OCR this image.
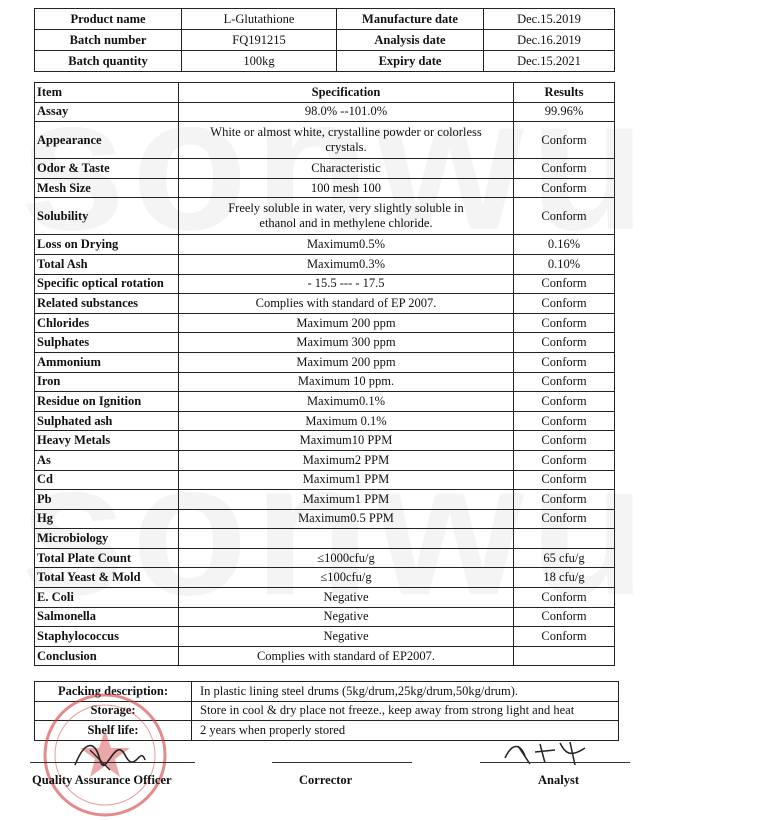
Product name	L-Glutathione	Manufacture date	Dec.15.2019
Batch number	FQ191215	Analysis date	Dec.16.2019
Batch quantity	100kg	Expiry date	Dec.15.2021
Item	Specification	Results
Assay	98.0% --101.0%	99.96%
Appearance	White or almost white, crystalline powder or colorless crystals.	Conform
Odor & Taste	Characteristic	Conform
Mesh Size	100 mesh 100	Conform
Solubility	Freely soluble in water, very slightly soluble in ethanol and in methylene chloride.	Conform
Loss on Drying	Maximum0.5%	0.16%
Total Ash	Maximum0.3%	0.10%
Specific optical rotation	- 15.5 --- - 17.5	Conform
Related substances	Complies with standard of EP 2007.	Conform
Chlorides	Maximum 200 ppm	Conform
Sulphates	Maximum 300 ppm	Conform
Ammonium	Maximum 200 ppm	Conform
Iron	Maximum 10 ppm.	Conform
Residue on Ignition	Maximum0.1%	Conform
Sulphated ash	Maximum 0.1%	Conform
Heavy Metals	Maximum10 PPM	Conform
As	Maximum2 PPM	Conform
Cd	Maximum1 PPM	Conform
Pb	Maximum1 PPM	Conform
Hg	Maximum0.5 PPM	Conform
Microbiology		
Total Plate Count	≤1000cfu/g	65 cfu/g
Total Yeast & Mold	≤100cfu/g	18 cfu/g
E. Coli	Negative	Conform
Salmonella	Negative	Conform
Staphylococcus	Negative	Conform
Conclusion	Complies with standard of EP2007.	
Packing description:	In plastic lining steel drums (5kg/drum,25kg/drum,50kg/drum).
Storage:	Store in cool & dry place not freeze., keep away from strong light and heat
Shelf life:	2 years when properly stored
Quality Assurance Officer	Corrector	Analyst
